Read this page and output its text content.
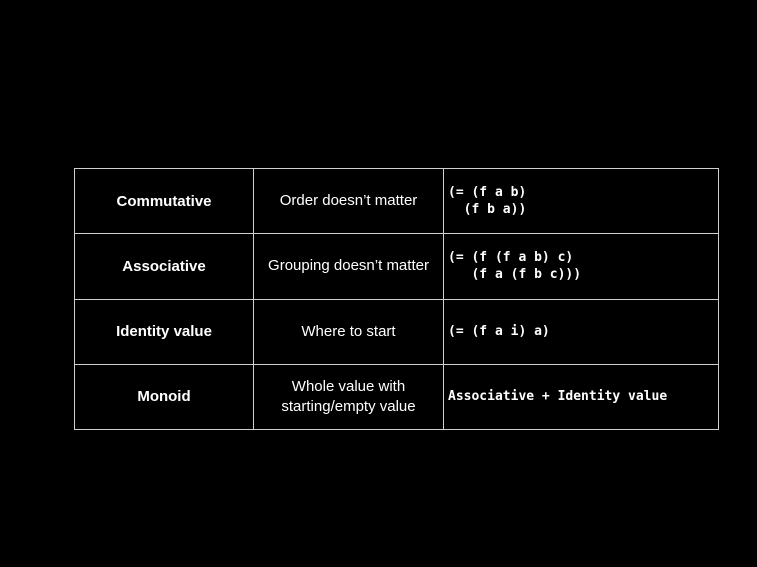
Commutative	Order doesn’t matter	(= (f a b)
(f b a))

Associative	Grouping doesn’t matter	(= (f (f a b) c)
(f a (f b c)))

Identity value	Where to start	(= (f a i) a)

Monoid	Whole value with starting/empty value	Associative + Identity value
